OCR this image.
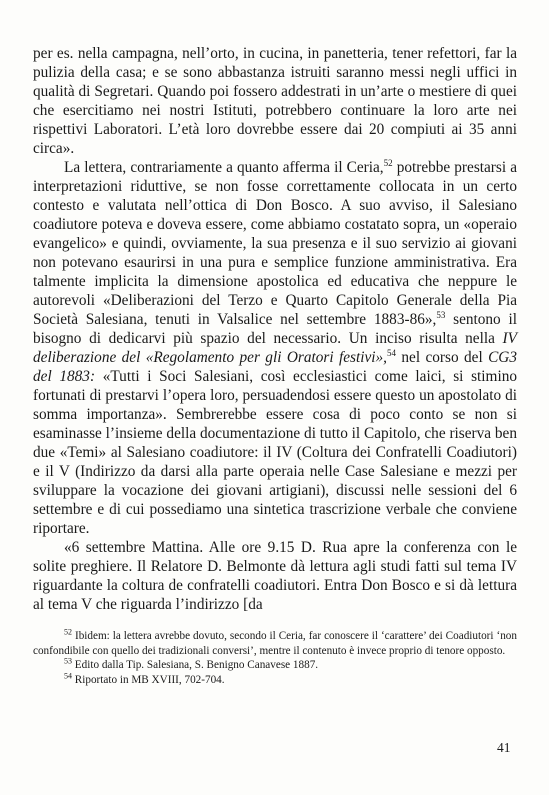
per es. nella campagna, nell’orto, in cucina, in panetteria, tener refettori, far la pulizia della casa; e se sono abbastanza istruiti saranno messi negli uffici in qualità di Segretari. Quando poi fossero addestrati in un’arte o mestiere di quei che esercitiamo nei nostri Istituti, potrebbero continuare la loro arte nei rispettivi Laboratori. L’età loro dovrebbe essere dai 20 compiuti ai 35 anni circa».

La lettera, contrariamente a quanto afferma il Ceria,$^{52}$ potrebbe prestarsi a interpretazioni riduttive, se non fosse correttamente collocata in un certo contesto e valutata nell’ottica di Don Bosco. A suo avviso, il Salesiano coadiutore poteva e doveva essere, come abbiamo costatato sopra, un «operaio evangelico» e quindi, ovviamente, la sua presenza e il suo servizio ai giovani non potevano esaurirsi in una pura e semplice funzione amministrativa. Era talmente implicita la dimensione apostolica ed educativa che neppure le autorevoli «Deliberazioni del Terzo e Quarto Capitolo Generale della Pia Società Salesiana, tenuti in Valsalice nel settembre 1883-86»,$^{53}$ sentono il bisogno di dedicarvi più spazio del necessario. Un inciso risulta nella IV deliberazione del «Regolamento per gli Oratori festivi»,$^{54}$ nel corso del CG3 del 1883: «Tutti i Soci Salesiani, così ecclesiastici come laici, si stimino fortunati di prestarvi l’opera loro, persuadendosi essere questo un apostolato di somma importanza». Sembrerebbe essere cosa di poco conto se non si esaminasse l’insieme della documentazione di tutto il Capitolo, che riserva ben due «Temi» al Salesiano coadiutore: il IV (Coltura dei Confratelli Coadiutori) e il V (Indirizzo da darsi alla parte operaia nelle Case Salesiane e mezzi per sviluppare la vocazione dei giovani artigiani), discussi nelle sessioni del 6 settembre e di cui possediamo una sintetica trascrizione verbale che conviene riportare.

«6 settembre Mattina. Alle ore 9.15 D. Rua apre la conferenza con le solite preghiere. Il Relatore D. Belmonte dà lettura agli studi fatti sul tema IV riguardante la coltura de confratelli coadiutori. Entra Don Bosco e si dà lettura al tema V che riguarda l’indirizzo [da

$^{52}$ Ibidem: la lettera avrebbe dovuto, secondo il Ceria, far conoscere il ‘carattere’ dei Coadiutori ‘non confondibile con quello dei tradizionali conversi’, mentre il contenuto è invece proprio di tenore opposto.

$^{53}$ Edito dalla Tip. Salesiana, S. Benigno Canavese 1887.

$^{54}$ Riportato in MB XVIII, 702-704.

41
